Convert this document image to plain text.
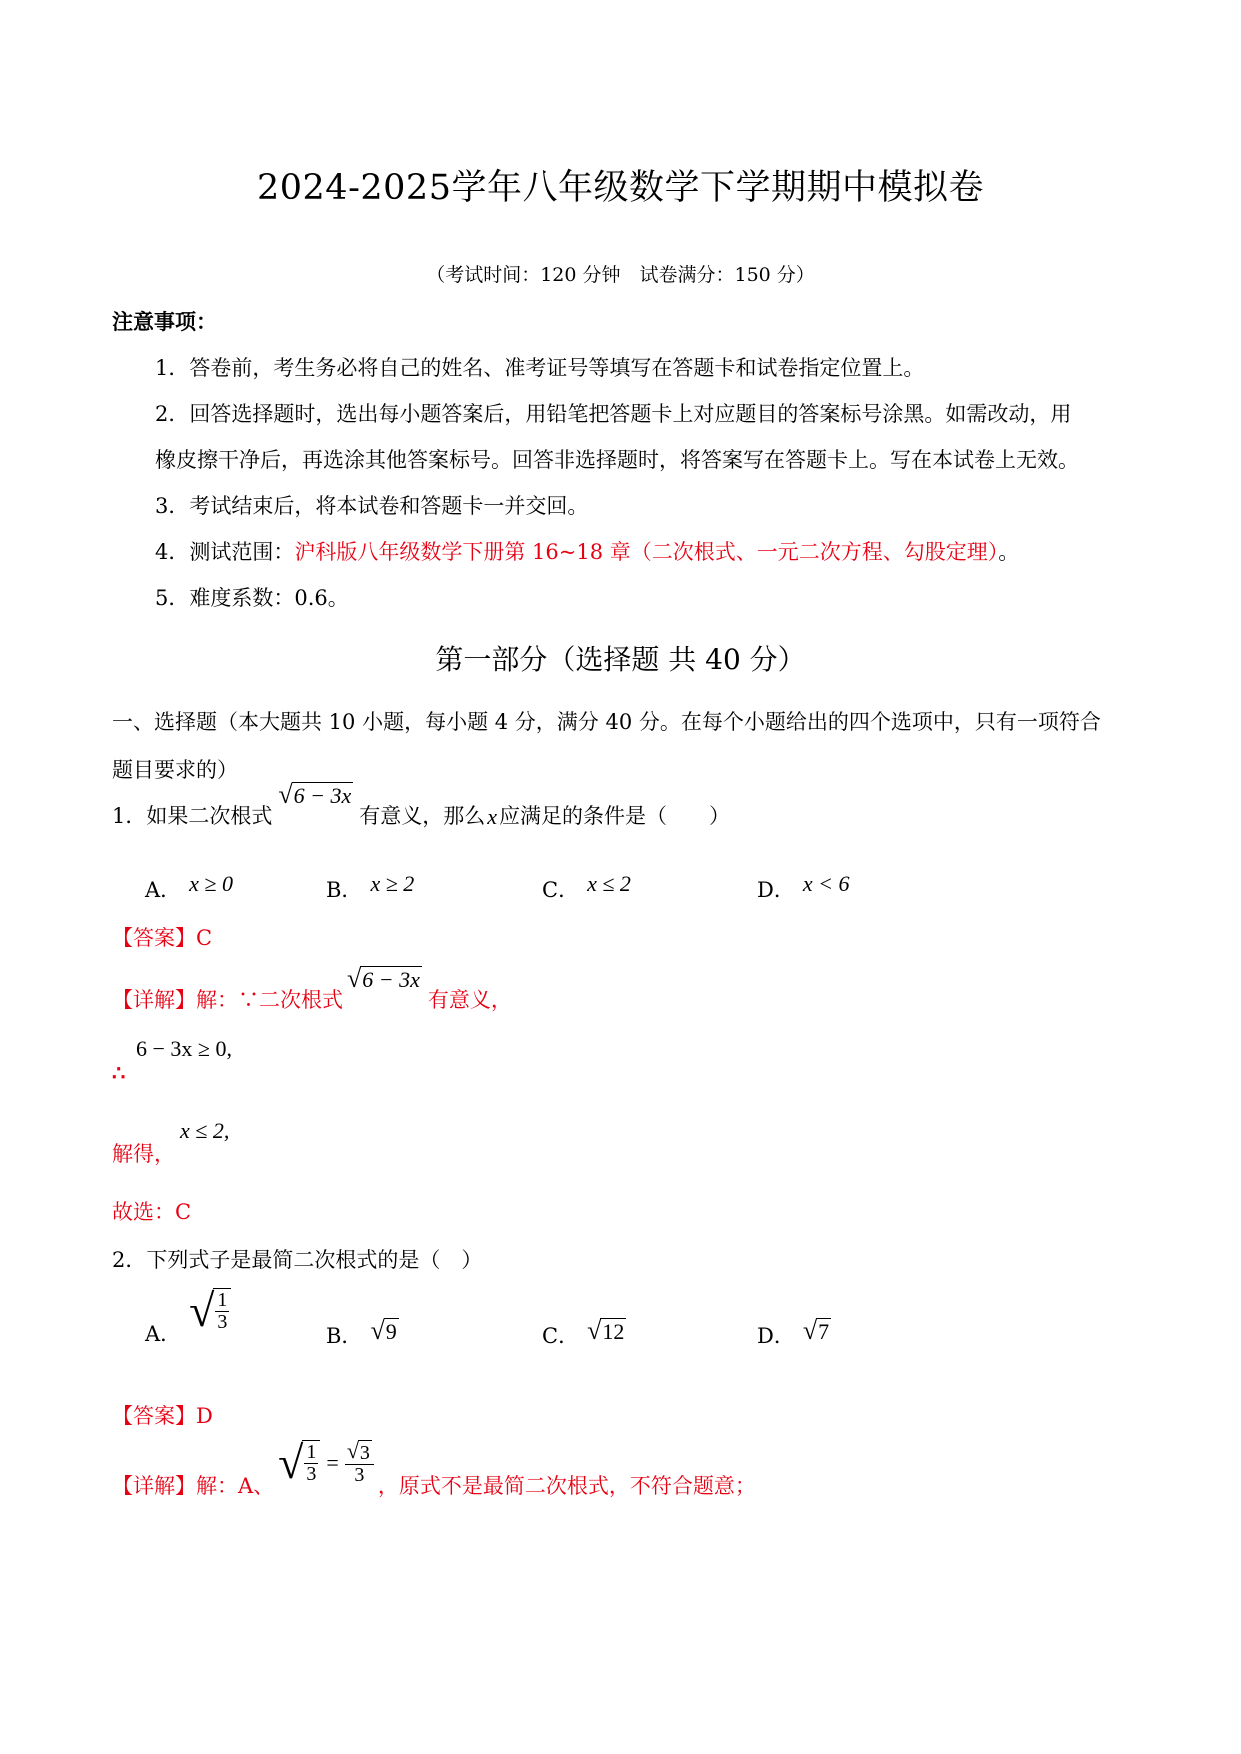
2024-2025学年八年级数学下学期期中模拟卷
（考试时间：120 分钟　试卷满分：150 分）
注意事项：
1．答卷前，考生务必将自己的姓名、准考证号等填写在答题卡和试卷指定位置上。
2．回答选择题时，选出每小题答案后，用铅笔把答题卡上对应题目的答案标号涂黑。如需改动，用
橡皮擦干净后，再选涂其他答案标号。回答非选择题时，将答案写在答题卡上。写在本试卷上无效。
3．考试结束后，将本试卷和答题卡一并交回。
4．测试范围：沪科版八年级数学下册第 16~18 章（二次根式、一元二次方程、勾股定理）。
5．难度系数：0.6。
第一部分（选择题 共 40 分）
一、选择题（本大题共 10 小题，每小题 4 分，满分 40 分。在每个小题给出的四个选项中，只有一项符合
题目要求的）
1．如果二次根式
√ 6 − 3x
有意义，那么 x 应满足的条件是（　　）
A． x ≥ 0	B． x ≥ 2	C． x ≤ 2	D． x < 6
【答案】C
【详解】解：∵二次根式
√ 6 − 3x
有意义，
6 − 3x ≥ 0,
∴
x ≤ 2,
解得，
故选：C
2．下列式子是最简二次根式的是（　）
A． √ $\frac{1}{3}$
B． √ 9	C． √ 12	D． √ 7
【答案】D
【详解】解：A、 √ $\frac{1}{3} = \frac{√ 3}{3}$ ，原式不是最简二次根式，不符合题意；
